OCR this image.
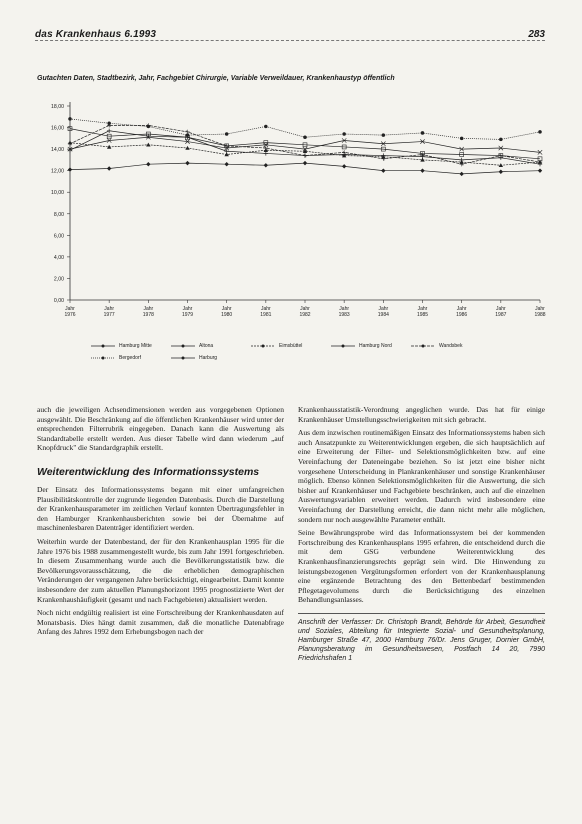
das Krankenhaus 6.1993	283
Gutachten Daten, Stadtbezirk, Jahr, Fachgebiet Chirurgie, Variable Verweildauer, Krankenhaustyp öffentlich
0,00
2,00
4,00
6,00
8,00
10,00
12,00
14,00
16,00
18,00
Jahr
1976
Jahr
1977
Jahr
1978
Jahr
1979
Jahr
1980
Jahr
1981
Jahr
1982
Jahr
1983
Jahr
1984
Jahr
1985
Jahr
1986
Jahr
1987
Jahr
1988
Hamburg Mitte	Altona	Eimsbüttel	Hamburg Nord	Wandsbek
Bergedorf	Harburg

auch die jeweiligen Achsendimensionen werden aus vorgegebenen Optionen ausgewählt. Die Beschränkung auf die öffentlichen Krankenhäuser wird unter der entsprechenden Filterrubrik eingegeben. Danach kann die Auswertung als Standardtabelle erstellt werden. Aus dieser Tabelle wird dann wiederum „auf Knopfdruck" die Standardgraphik erstellt.

Weiterentwicklung des Informationssystems

Der Einsatz des Informationssystems begann mit einer umfangreichen Plausibilitätskontrolle der zugrunde liegenden Datenbasis. Durch die Darstellung der Krankenhausparameter im zeitlichen Verlauf konnten Übertragungsfehler in den Hamburger Krankenhausberichten sowie bei der Übernahme auf maschinenlesbaren Datenträger identifiziert werden.

Weiterhin wurde der Datenbestand, der für den Krankenhausplan 1995 für die Jahre 1976 bis 1988 zusammengestellt wurde, bis zum Jahr 1991 fortgeschrieben. In diesem Zusammenhang wurde auch die Bevölkerungsstatistik bzw. die Bevölkerungsvorausschätzung, die die erheblichen demographischen Veränderungen der vergangenen Jahre berücksichtigt, eingearbeitet. Damit konnte insbesondere der zum aktuellen Planungshorizont 1995 prognostizierte Wert der Krankenhaushäufigkeit (gesamt und nach Fachgebieten) aktualisiert werden.

Noch nicht endgültig realisiert ist eine Fortschreibung der Krankenhausdaten auf Monatsbasis. Dies hängt damit zusammen, daß die monatliche Datenabfrage Anfang des Jahres 1992 dem Erhebungsbogen nach der

Krankenhausstatistik-Verordnung angeglichen wurde. Das hat für einige Krankenhäuser Umstellungsschwierigkeiten mit sich gebracht.

Aus dem inzwischen routinemäßigen Einsatz des Informationssystems haben sich auch Ansatzpunkte zu Weiterentwicklungen ergeben, die sich hauptsächlich auf eine Erweiterung der Filter- und Selektionsmöglichkeiten bzw. auf eine Vereinfachung der Dateneingabe beziehen. So ist jetzt eine bisher nicht vorgesehene Unterscheidung in Plankrankenhäuser und sonstige Krankenhäuser möglich. Ebenso können Selektionsmöglichkeiten für die Auswertung, die sich bisher auf Krankenhäuser und Fachgebiete beschränken, auch auf die einzelnen Auswertungsvariablen erweitert werden. Dadurch wird insbesondere eine Vereinfachung der Darstellung erreicht, die dann nicht mehr alle möglichen, sondern nur noch ausgewählte Parameter enthält.

Seine Bewährungsprobe wird das Informationssystem bei der kommenden Fortschreibung des Krankenhausplans 1995 erfahren, die entscheidend durch die mit dem GSG verbundene Weiterentwicklung des Krankenhausfinanzierungsrechts geprägt sein wird. Die Hinwendung zu leistungsbezogenen Vergütungsformen erfordert von der Krankenhausplanung eine ergänzende Betrachtung des den Bettenbedarf bestimmenden Pflegetagevolumens durch die Berücksichtigung des einzelnen Behandlungsanlasses.

Anschrift der Verfasser: Dr. Christoph Brandt, Behörde für Arbeit, Gesundheit und Soziales, Abteilung für Integrierte Sozial- und Gesundheitsplanung, Hamburger Straße 47, 2000 Hamburg 76/Dr. Jens Gruger, Dornier GmbH, Planungsberatung im Gesundheitswesen, Postfach 14 20, 7990 Friedrichshafen 1
